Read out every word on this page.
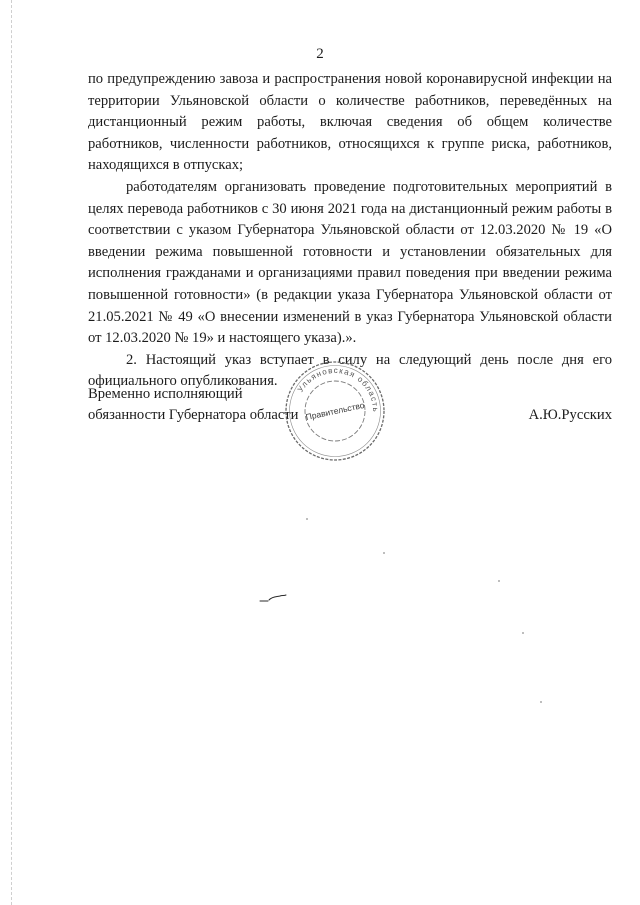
2

по предупреждению завоза и распространения новой коронавирусной инфекции на территории Ульяновской области о количестве работников, переведённых на дистанционный режим работы, включая сведения об общем количестве работников, численности работников, относящихся к группе риска, работников, находящихся в отпусках;

работодателям организовать проведение подготовительных мероприятий в целях перевода работников с 30 июня 2021 года на дистанционный режим работы в соответствии с указом Губернатора Ульяновской области от 12.03.2020 № 19 «О введении режима повышенной готовности и установлении обязательных для исполнения гражданами и организациями правил поведения при введении режима повышенной готовности» (в редакции указа Губернатора Ульяновской области от 21.05.2021 № 49 «О внесении изменений в указ Губернатора Ульяновской области от 12.03.2020 № 19» и настоящего указа).».

2. Настоящий указ вступает в силу на следующий день после дня его официального опубликования.

Временно исполняющий
обязанности Губернатора области	А.Ю.Русских
Ульяновская область
Правительство
